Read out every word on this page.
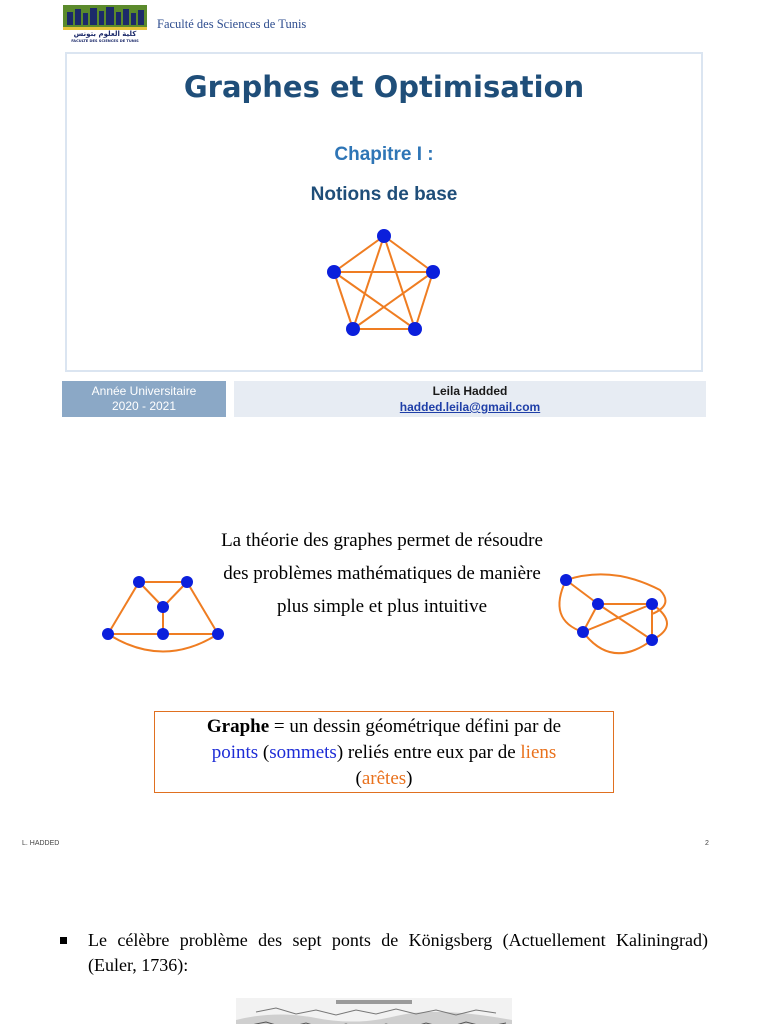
كلية العلوم بتونس
FACULTE DES SCIENCES DE TUNIS
Faculté des Sciences de Tunis
Graphes et Optimisation
Chapitre I :
Notions de base
Année Universitaire
2020 - 2021
Leila Hadded
hadded.leila@gmail.com
La théorie des graphes permet de résoudre des problèmes mathématiques de manière plus simple et plus intuitive
Graphe = un dessin géométrique défini par de
points (sommets) reliés entre eux par de liens
(arêtes)
L. HADDED	2
Le célèbre problème des sept ponts de Königsberg (Actuellement Kaliningrad) (Euler, 1736):
